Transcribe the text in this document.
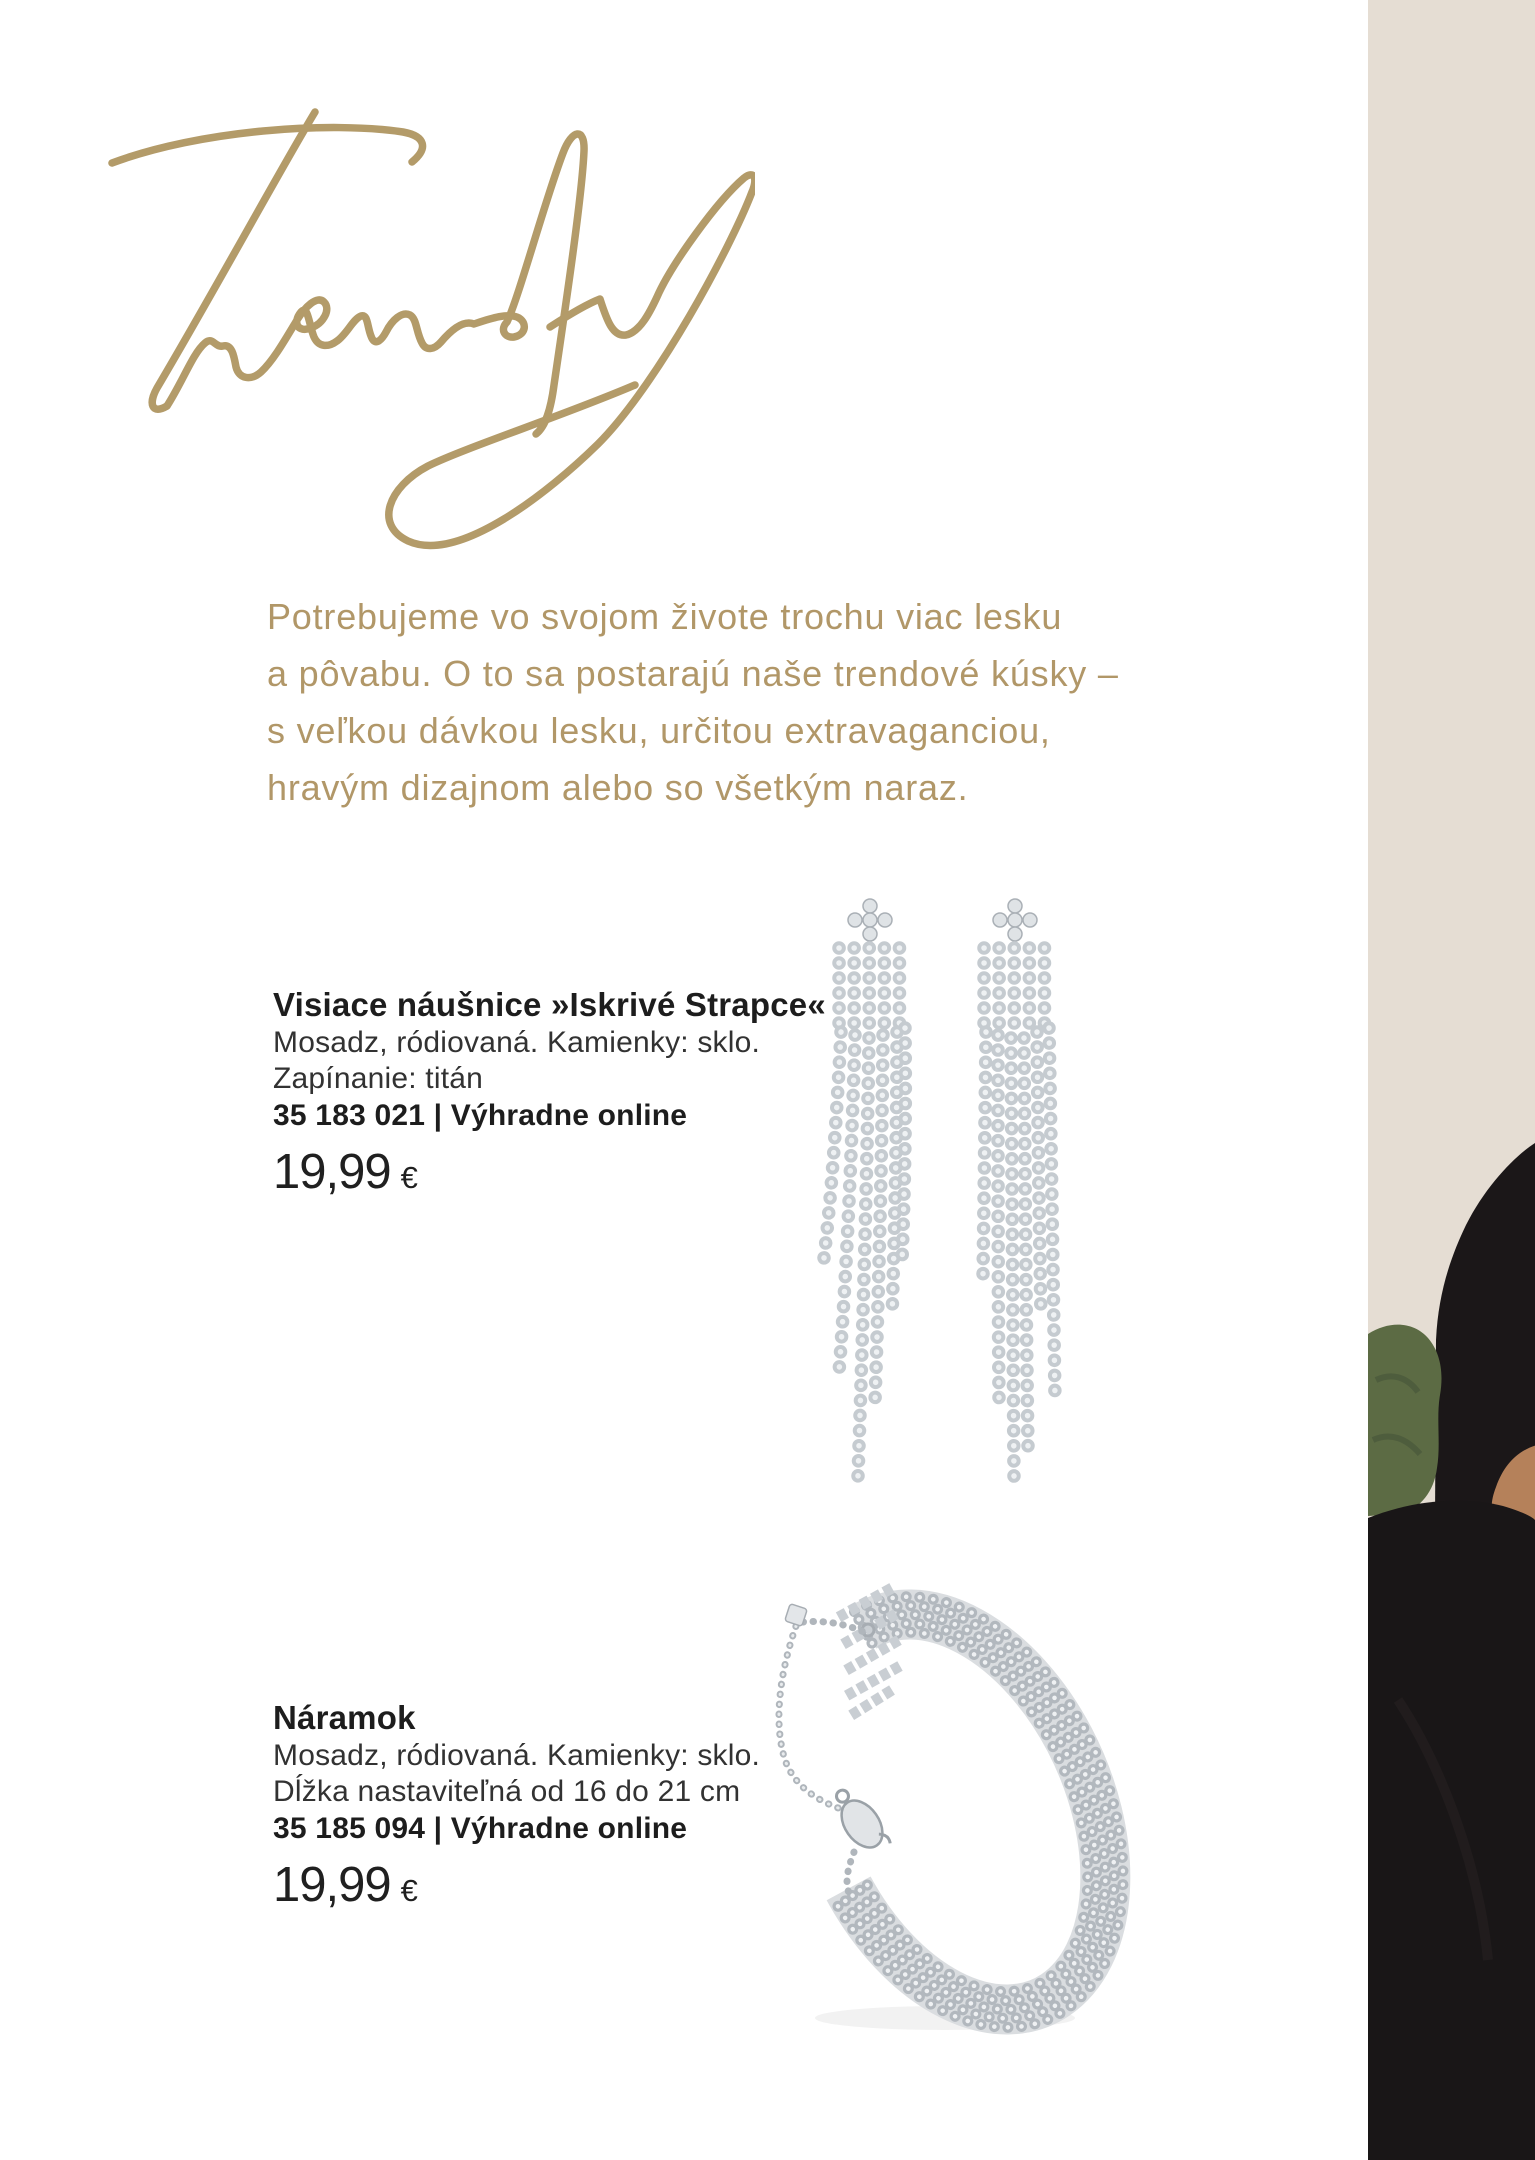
Potrebujeme vo svojom živote trochu viac lesku
a pôvabu. O to sa postarajú naše trendové kúsky –
s veľkou dávkou lesku, určitou extravaganciou,
hravým dizajnom alebo so všetkým naraz.
Visiace náušnice »Iskrivé Strapce«
Mosadz, ródiovaná. Kamienky: sklo.
Zapínanie: titán
35 183 021 | Výhradne online
19,99 €
Náramok
Mosadz, ródiovaná. Kamienky: sklo.
Dĺžka nastaviteľná od 16 do 21 cm
35 185 094 | Výhradne online
19,99 €
